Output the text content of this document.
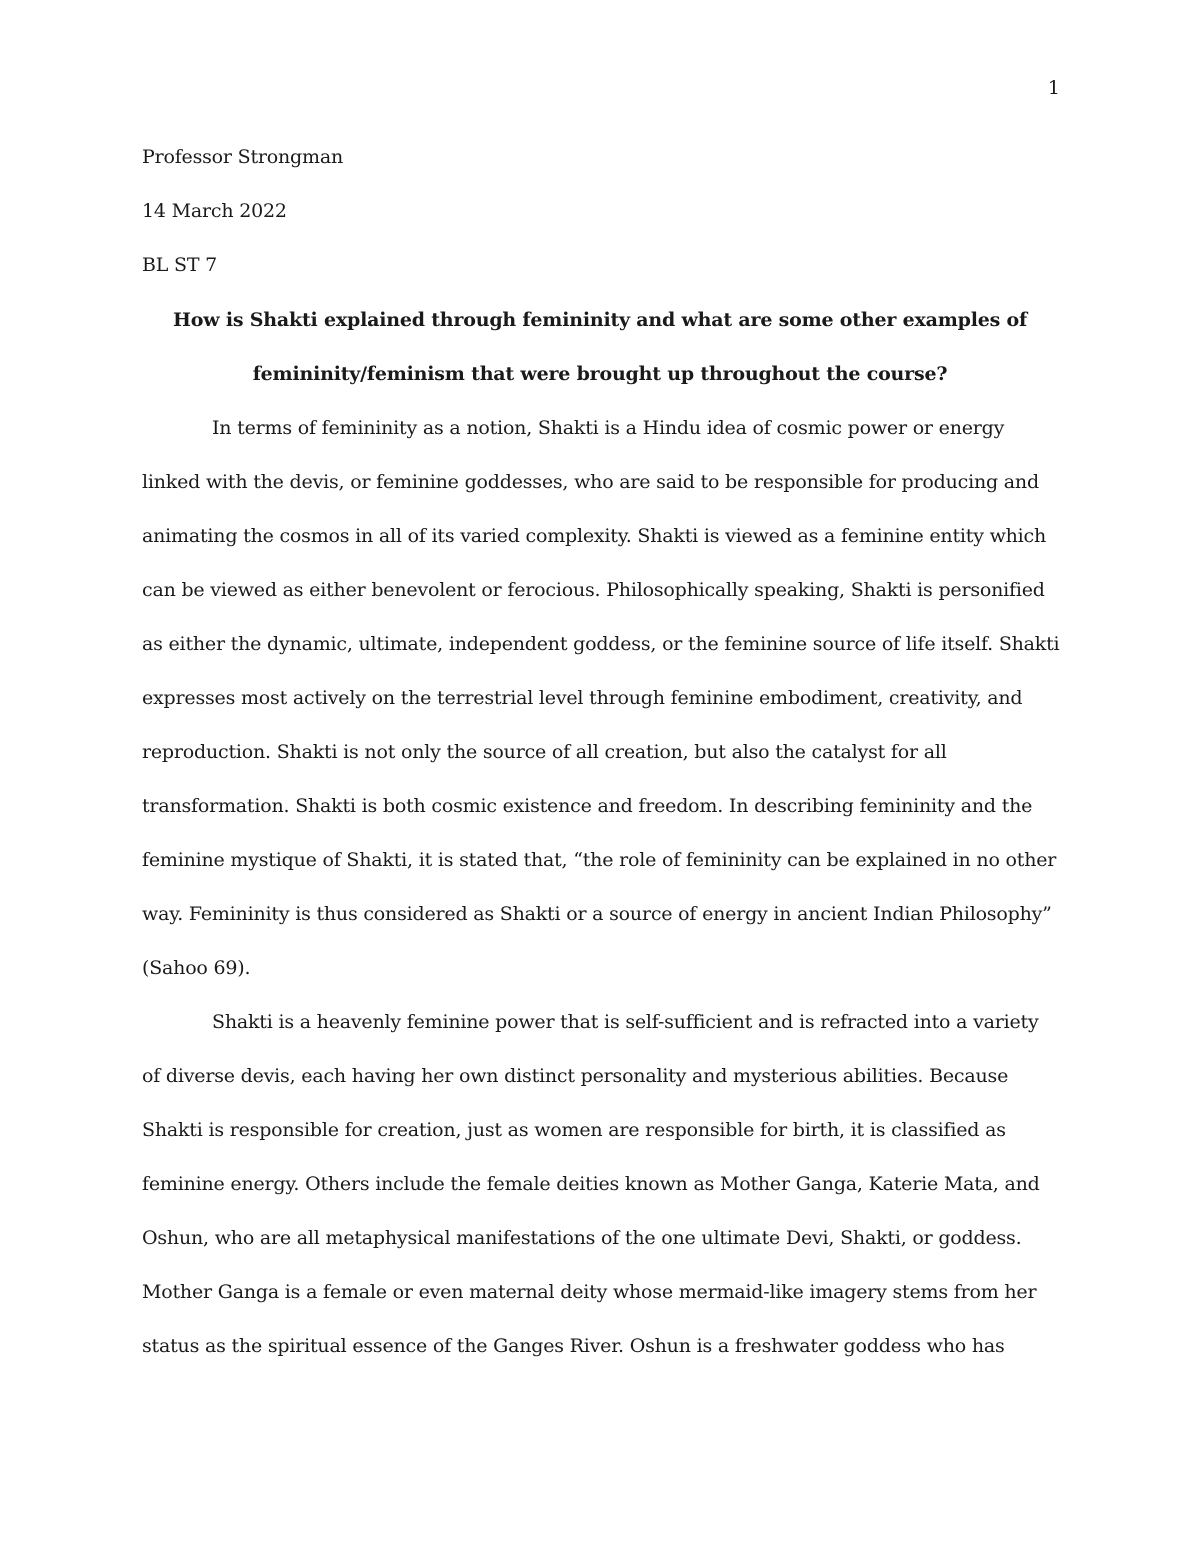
1
Professor Strongman
14 March 2022
BL ST 7
How is Shakti explained through femininity and what are some other examples of
femininity/feminism that were brought up throughout the course?
In terms of femininity as a notion, Shakti is a Hindu idea of cosmic power or energy
linked with the devis, or feminine goddesses, who are said to be responsible for producing and
animating the cosmos in all of its varied complexity. Shakti is viewed as a feminine entity which
can be viewed as either benevolent or ferocious. Philosophically speaking, Shakti is personified
as either the dynamic, ultimate, independent goddess, or the feminine source of life itself. Shakti
expresses most actively on the terrestrial level through feminine embodiment, creativity, and
reproduction. Shakti is not only the source of all creation, but also the catalyst for all
transformation. Shakti is both cosmic existence and freedom. In describing femininity and the
feminine mystique of Shakti, it is stated that, “the role of femininity can be explained in no other
way. Femininity is thus considered as Shakti or a source of energy in ancient Indian Philosophy”
(Sahoo 69).
Shakti is a heavenly feminine power that is self-sufficient and is refracted into a variety
of diverse devis, each having her own distinct personality and mysterious abilities. Because
Shakti is responsible for creation, just as women are responsible for birth, it is classified as
feminine energy. Others include the female deities known as Mother Ganga, Katerie Mata, and
Oshun, who are all metaphysical manifestations of the one ultimate Devi, Shakti, or goddess.
Mother Ganga is a female or even maternal deity whose mermaid-like imagery stems from her
status as the spiritual essence of the Ganges River. Oshun is a freshwater goddess who has
